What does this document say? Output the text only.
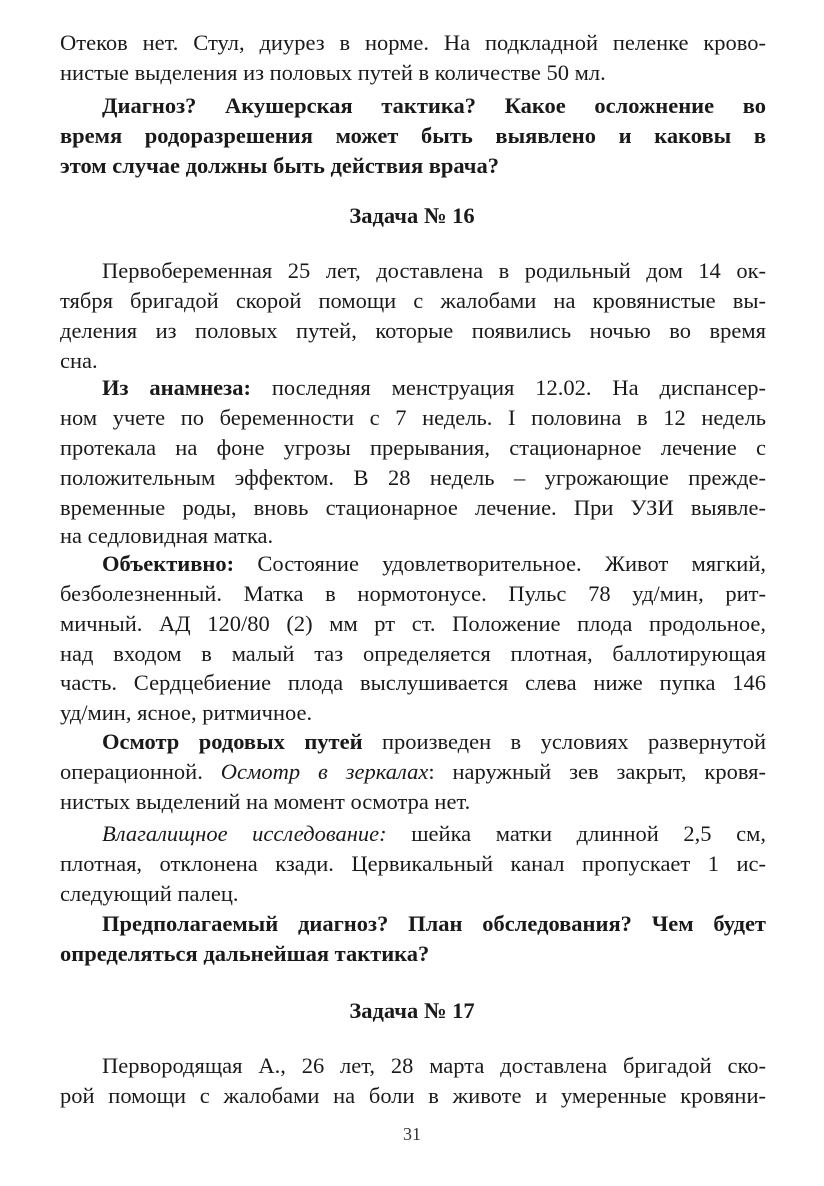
Отеков нет. Стул, диурез в норме. На подкладной пеленке крово-
нистые выделения из половых путей в количестве 50 мл.
Диагноз? Акушерская тактика? Какое осложнение во
время родоразрешения может быть выявлено и каковы в
этом случае должны быть действия врача?
Задача № 16
Первобеременная 25 лет, доставлена в родильный дом 14 ок-
тября бригадой скорой помощи с жалобами на кровянистые вы-
деления из половых путей, которые появились ночью во время
сна.
Из анамнеза: последняя менструация 12.02. На диспансер-
ном учете по беременности с 7 недель. I половина в 12 недель
протекала на фоне угрозы прерывания, стационарное лечение с
положительным эффектом. В 28 недель – угрожающие прежде-
временные роды, вновь стационарное лечение. При УЗИ выявле-
на седловидная матка.
Объективно: Состояние удовлетворительное. Живот мягкий,
безболезненный. Матка в нормотонусе. Пульс 78 уд/мин, рит-
мичный. АД 120/80 (2) мм рт ст. Положение плода продольное,
над входом в малый таз определяется плотная, баллотирующая
часть. Сердцебиение плода выслушивается слева ниже пупка 146
уд/мин, ясное, ритмичное.
Осмотр родовых путей произведен в условиях развернутой
операционной. Осмотр в зеркалах: наружный зев закрыт, кровя-
нистых выделений на момент осмотра нет.
Влагалищное исследование: шейка матки длинной 2,5 см,
плотная, отклонена кзади. Цервикальный канал пропускает 1 ис-
следующий палец.
Предполагаемый диагноз? План обследования? Чем будет
определяться дальнейшая тактика?
Задача № 17
Первородящая А., 26 лет, 28 марта доставлена бригадой ско-
рой помощи с жалобами на боли в животе и умеренные кровяни-
31
